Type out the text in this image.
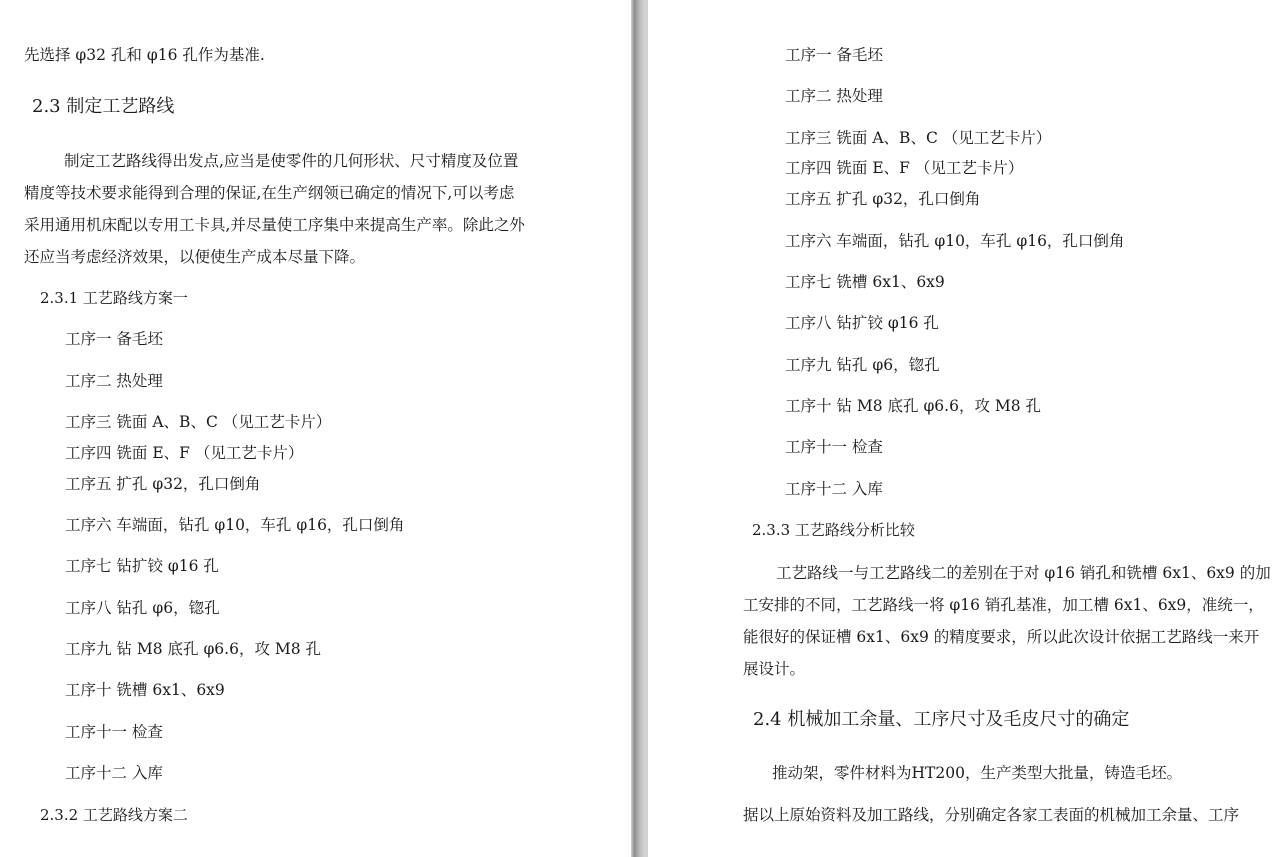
先选择 φ32 孔和 φ16 孔作为基准.
2.3 制定工艺路线
制定工艺路线得出发点,应当是使零件的几何形状、尺寸精度及位置
精度等技术要求能得到合理的保证,在生产纲领已确定的情况下,可以考虑
采用通用机床配以专用工卡具,并尽量使工序集中来提高生产率。除此之外
还应当考虑经济效果，以便使生产成本尽量下降。
2.3.1 工艺路线方案一
工序一 备毛坯
工序二 热处理
工序三 铣面 A、B、C （见工艺卡片）
工序四 铣面 E、F （见工艺卡片）
工序五 扩孔 φ32，孔口倒角
工序六 车端面，钻孔 φ10，车孔 φ16，孔口倒角
工序七 钻扩铰 φ16 孔
工序八 钻孔 φ6，锪孔
工序九 钻 M8 底孔 φ6.6，攻 M8 孔
工序十 铣槽 6x1、6x9
工序十一 检查
工序十二 入库
2.3.2 工艺路线方案二
工序一 备毛坯
工序二 热处理
工序三 铣面 A、B、C （见工艺卡片）
工序四 铣面 E、F （见工艺卡片）
工序五 扩孔 φ32，孔口倒角
工序六 车端面，钻孔 φ10，车孔 φ16，孔口倒角
工序七 铣槽 6x1、6x9
工序八 钻扩铰 φ16 孔
工序九 钻孔 φ6，锪孔
工序十 钻 M8 底孔 φ6.6，攻 M8 孔
工序十一 检查
工序十二 入库
2.3.3 工艺路线分析比较
工艺路线一与工艺路线二的差别在于对 φ16 销孔和铣槽 6x1、6x9 的加
工安排的不同，工艺路线一将 φ16 销孔基准，加工槽 6x1、6x9，准统一，
能很好的保证槽 6x1、6x9 的精度要求，所以此次设计依据工艺路线一来开
展设计。
2.4 机械加工余量、工序尺寸及毛皮尺寸的确定
推动架，零件材料为HT200，生产类型大批量，铸造毛坯。
据以上原始资料及加工路线，分别确定各家工表面的机械加工余量、工序
